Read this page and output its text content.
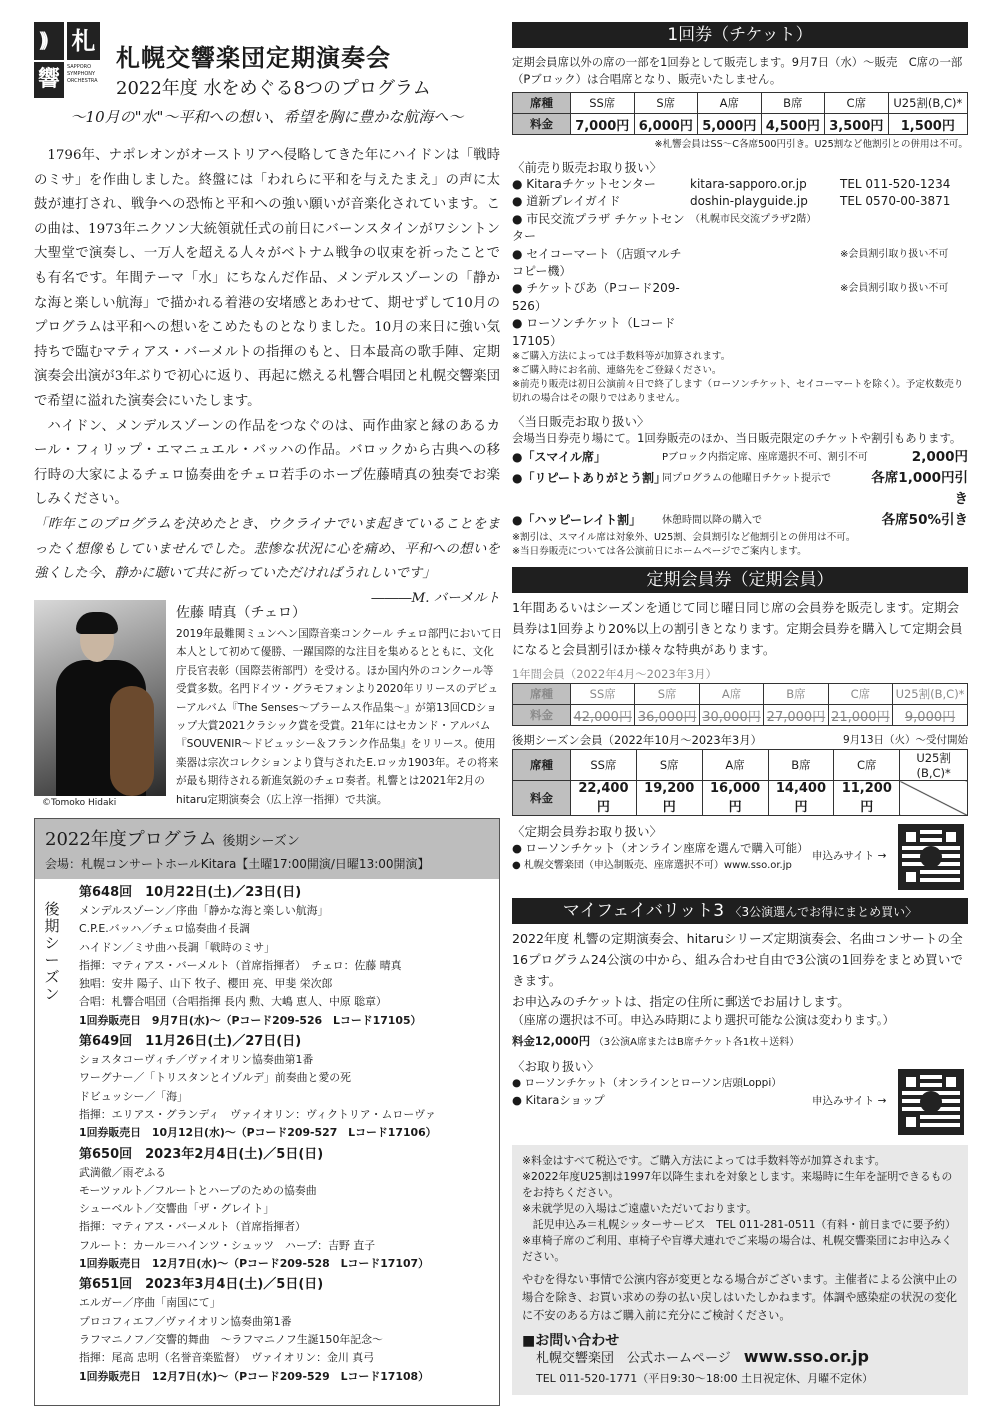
))) 札
響	SAPPORO SYMPHONY ORCHESTRA
札幌交響楽団定期演奏会
2022年度 水をめぐる8つのプログラム
〜10月の"水"〜平和への想い、希望を胸に豊かな航海へ〜

1796年、ナポレオンがオーストリアへ侵略してきた年にハイドンは「戦時のミサ」を作曲しました。終盤には「われらに平和を与えたまえ」の声に太鼓が連打され、戦争への恐怖と平和への強い願いが音楽化されています。この曲は、1973年ニクソン大統領就任式の前日にバーンスタインがワシントン大聖堂で演奏し、一万人を超える人々がベトナム戦争の収束を祈ったことでも有名です。年間テーマ「水」にちなんだ作品、メンデルスゾーンの「静かな海と楽しい航海」で描かれる着港の安堵感とあわせて、期せずして10月のプログラムは平和への想いをこめたものとなりました。10月の来日に強い気持ちで臨むマティアス・バーメルトの指揮のもと、日本最高の歌手陣、定期演奏会出演が3年ぶりで初心に返り、再起に燃える札響合唱団と札幌交響楽団で希望に溢れた演奏会にいたします。

ハイドン、メンデルスゾーンの作品をつなぐのは、両作曲家と縁のあるカール・フィリップ・エマニュエル・バッハの作品。バロックから古典への移行時の大家によるチェロ協奏曲をチェロ若手のホープ佐藤晴真の独奏でお楽しみください。

「昨年このプログラムを決めたとき、ウクライナでいま起きていることをまったく想像もしていませんでした。悲惨な状況に心を痛め、平和への想いを強くした今、静かに聴いて共に祈っていただければうれしいです」

―――M. バーメルト
©Tomoko Hidaki
佐藤 晴真（チェロ）
2019年最難関ミュンヘン国際音楽コンクール チェロ部門において日本人として初めて優勝、一躍国際的な注目を集めるとともに、文化庁長官表彰（国際芸術部門）を受ける。ほか国内外のコンクール等受賞多数。名門ドイツ・グラモフォンより2020年リリースのデビューアルバム『The Senses〜ブラームス作品集〜』が第13回CDショップ大賞2021クラシック賞を受賞。21年にはセカンド・アルバム『SOUVENIR〜ドビュッシー＆フランク作品集』をリリース。使用楽器は宗次コレクションより貸与されたE.ロッカ1903年。その将来が最も期待される新進気鋭のチェロ奏者。札響とは2021年2月のhitaru定期演奏会（広上淳一指揮）で共演。
2022年度プログラム 後期シーズン
会場：札幌コンサートホールKitara【土曜17:00開演/日曜13:00開演】
後期シーズン
第648回　10月22日(土)／23日(日)
メンデルスゾーン／序曲「静かな海と楽しい航海」
C.P.E.バッハ／チェロ協奏曲イ長調
ハイドン／ミサ曲ハ長調「戦時のミサ」
指揮：マティアス・バーメルト（首席指揮者）　チェロ：佐藤 晴真
独唱：安井 陽子、山下 牧子、櫻田 亮、甲斐 栄次郎
合唱：札響合唱団（合唱指揮 長内 勲、大嶋 恵人、中原 聡章）
1回券販売日　9月7日(水)〜（Pコード209-526　Lコード17105）
第649回　11月26日(土)／27日(日)
ショスタコーヴィチ／ヴァイオリン協奏曲第1番
ワーグナー／「トリスタンとイゾルデ」前奏曲と愛の死
ドビュッシー／「海」
指揮：エリアス・グランディ　ヴァイオリン：ヴィクトリア・ムローヴァ
1回券販売日　10月12日(水)〜（Pコード209-527　Lコード17106）
第650回　2023年2月4日(土)／5日(日)
武満徹／雨ぞふる
モーツァルト／フルートとハープのための協奏曲
シューベルト／交響曲「ザ・グレイト」
指揮：マティアス・バーメルト（首席指揮者）
フルート：カール＝ハインツ・シュッツ　ハープ：吉野 直子
1回券販売日　12月7日(水)〜（Pコード209-528　Lコード17107）
第651回　2023年3月4日(土)／5日(日)
エルガー／序曲「南国にて」
プロコフィエフ／ヴァイオリン協奏曲第1番
ラフマニノフ／交響的舞曲　〜ラフマニノフ生誕150年記念〜
指揮：尾高 忠明（名誉音楽監督）　ヴァイオリン：金川 真弓
1回券販売日　12月7日(水)〜（Pコード209-529　Lコード17108）
1回券（チケット）
定期会員席以外の席の一部を1回券として販売します。9月7日（水）〜販売　C席の一部（Pブロック）は合唱席となり、販売いたしません。
席種	SS席	S席	A席	B席	C席	U25割(B,C)*
料金	7,000円	6,000円	5,000円	4,500円	3,500円	1,500円
※札響会員はSS〜C各席500円引き。U25割など他割引との併用は不可。
〈前売り販売お取り扱い〉
● Kitaraチケットセンター	kitara-sapporo.or.jp	TEL 011-520-1234
● 道新プレイガイド	doshin-playguide.jp	TEL 0570-00-3871
● 市民交流プラザ チケットセンター
（札幌市民交流プラザ2階）
● セイコーマート（店頭マルチコピー機）
※会員割引取り扱い不可
● チケットぴあ（Pコード209-526）
※会員割引取り扱い不可
● ローソンチケット（Lコード17105）
※ご購入方法によっては手数料等が加算されます。
※ご購入時にお名前、連絡先をご登録ください。
※前売り販売は初日公演前々日で終了します（ローソンチケット、セイコーマートを除く）。予定枚数売り切れの場合はその限りではありません。
〈当日販売お取り扱い〉
会場当日券売り場にて。1回券販売のほか、当日販売限定のチケットや割引もあります。
●「スマイル席」	Pブロック内指定席、座席選択不可、割引不可	2,000円
●「リピートありがとう割」
同プログラムの他曜日チケット提示で	各席1,000円引き
●「ハッピーレイト割」	休憩時間以降の購入で	各席50%引き
※割引は、スマイル席は対象外、U25割、会員割引など他割引との併用は不可。
※当日券販売については各公演前日にホームページでご案内します。
定期会員券（定期会員）
1年間あるいはシーズンを通じて同じ曜日同じ席の会員券を販売します。定期会員券は1回券より20%以上の割引きとなります。定期会員券を購入して定期会員になると会員割引ほか様々な特典があります。
1年間会員（2022年4月〜2023年3月）
席種	SS席	S席	A席	B席	C席	U25割(B,C)*
料金	42,000円	36,000円	30,000円	27,000円	21,000円	9,000円
後期シーズン会員（2022年10月〜2023年3月）	9月13日（火）〜受付開始
席種	SS席	S席	A席	B席	C席	U25割(B,C)*
料金	22,400円	19,200円	16,000円	14,400円	11,200円	
〈定期会員券お取り扱い〉
● ローソンチケット（オンライン座席を選んで購入可能）
● 札幌交響楽団（申込制販売、座席選択不可）www.sso.or.jp
申込みサイト →
マイフェイバリット3 〈3公演選んでお得にまとめ買い〉
2022年度 札響の定期演奏会、hitaruシリーズ定期演奏会、名曲コンサートの全16プログラム24公演の中から、組み合わせ自由で3公演の1回券をまとめ買いできます。
お申込みのチケットは、指定の住所に郵送でお届けします。
（座席の選択は不可。申込み時期により選択可能な公演は変わります。）
料金12,000円 （3公演A席またはB席チケット各1枚＋送料）
〈お取り扱い〉
● ローソンチケット（オンラインとローソン店頭Loppi）
● Kitaraショップ	申込みサイト →
※料金はすべて税込です。ご購入方法によっては手数料等が加算されます。
※2022年度U25割は1997年以降生まれを対象とします。来場時に生年を証明できるものをお持ちください。
※未就学児の入場はご遠慮いただいております。
　託児申込み＝札幌シッターサービス　TEL 011-281-0511（有料・前日までに要予約）
※車椅子席のご利用、車椅子や盲導犬連れでご来場の場合は、札幌交響楽団にお申込みください。
やむを得ない事情で公演内容が変更となる場合がございます。主催者による公演中止の場合を除き、お買い求めの券の払い戻しはいたしかねます。体調や感染症の状況の変化に不安のある方はご購入前に充分にご検討ください。
■お問い合わせ
札幌交響楽団　公式ホームページ　 www.sso.or.jp
TEL 011-520-1771（平日9:30〜18:00 土日祝定休、月曜不定休）
